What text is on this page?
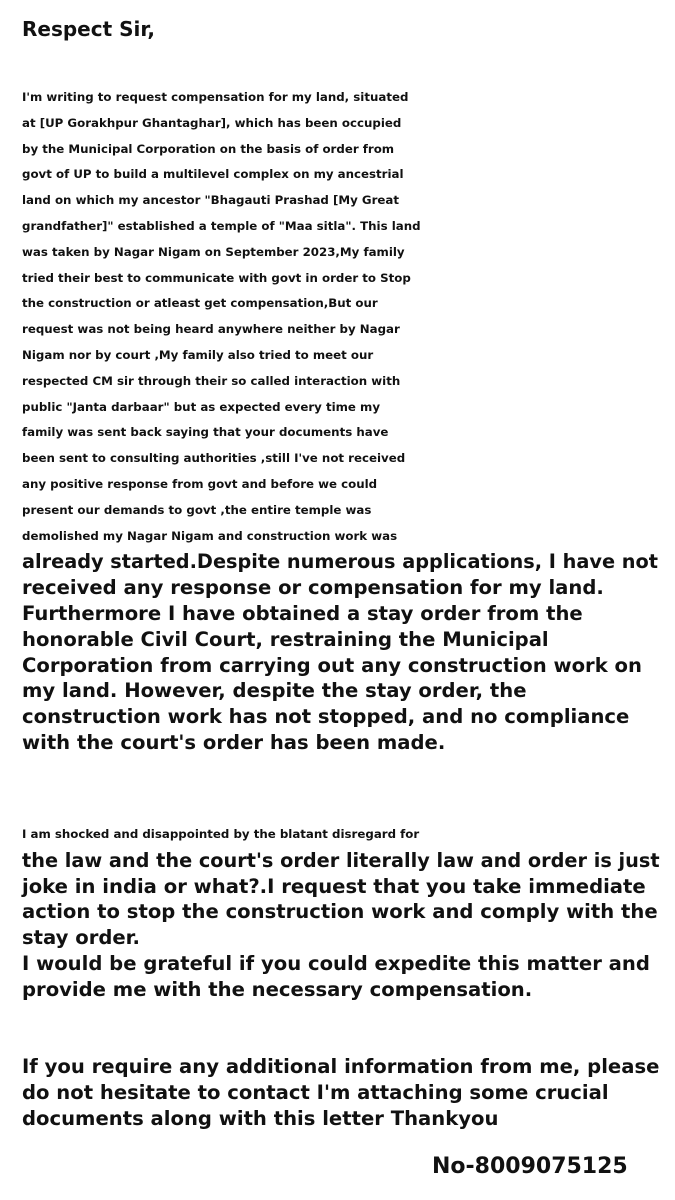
Respect Sir,
I'm writing to request compensation for my land, situated
at [UP Gorakhpur Ghantaghar], which has been occupied
by the Municipal Corporation on the basis of order from
govt of UP to build a multilevel complex on my ancestrial
land on which my ancestor "Bhagauti Prashad [My Great
grandfather]" established a temple of "Maa sitla". This land
was taken by Nagar Nigam on September 2023,My family
tried their best to communicate with govt in order to Stop
the construction or atleast get compensation,But our
request was not being heard anywhere neither by Nagar
Nigam nor by court ,My family also tried to meet our
respected CM sir through their so called interaction with
public "Janta darbaar" but as expected every time my
family was sent back saying that your documents have
been sent to consulting authorities ,still I've not received
any positive response from govt and before we could
present our demands to govt ,the entire temple was
demolished my Nagar Nigam and construction work was
already started.Despite numerous applications, I have not
received any response or compensation for my land.
Furthermore I have obtained a stay order from the
honorable Civil Court, restraining the Municipal
Corporation from carrying out any construction work on
my land. However, despite the stay order, the
construction work has not stopped, and no compliance
with the court's order has been made.
I am shocked and disappointed by the blatant disregard for
the law and the court's order literally law and order is just
joke in india or what?.I request that you take immediate
action to stop the construction work and comply with the
stay order.
I would be grateful if you could expedite this matter and
provide me with the necessary compensation.
If you require any additional information from me, please
do not hesitate to contact I'm attaching some crucial
documents along with this letter Thankyou
No-8009075125
